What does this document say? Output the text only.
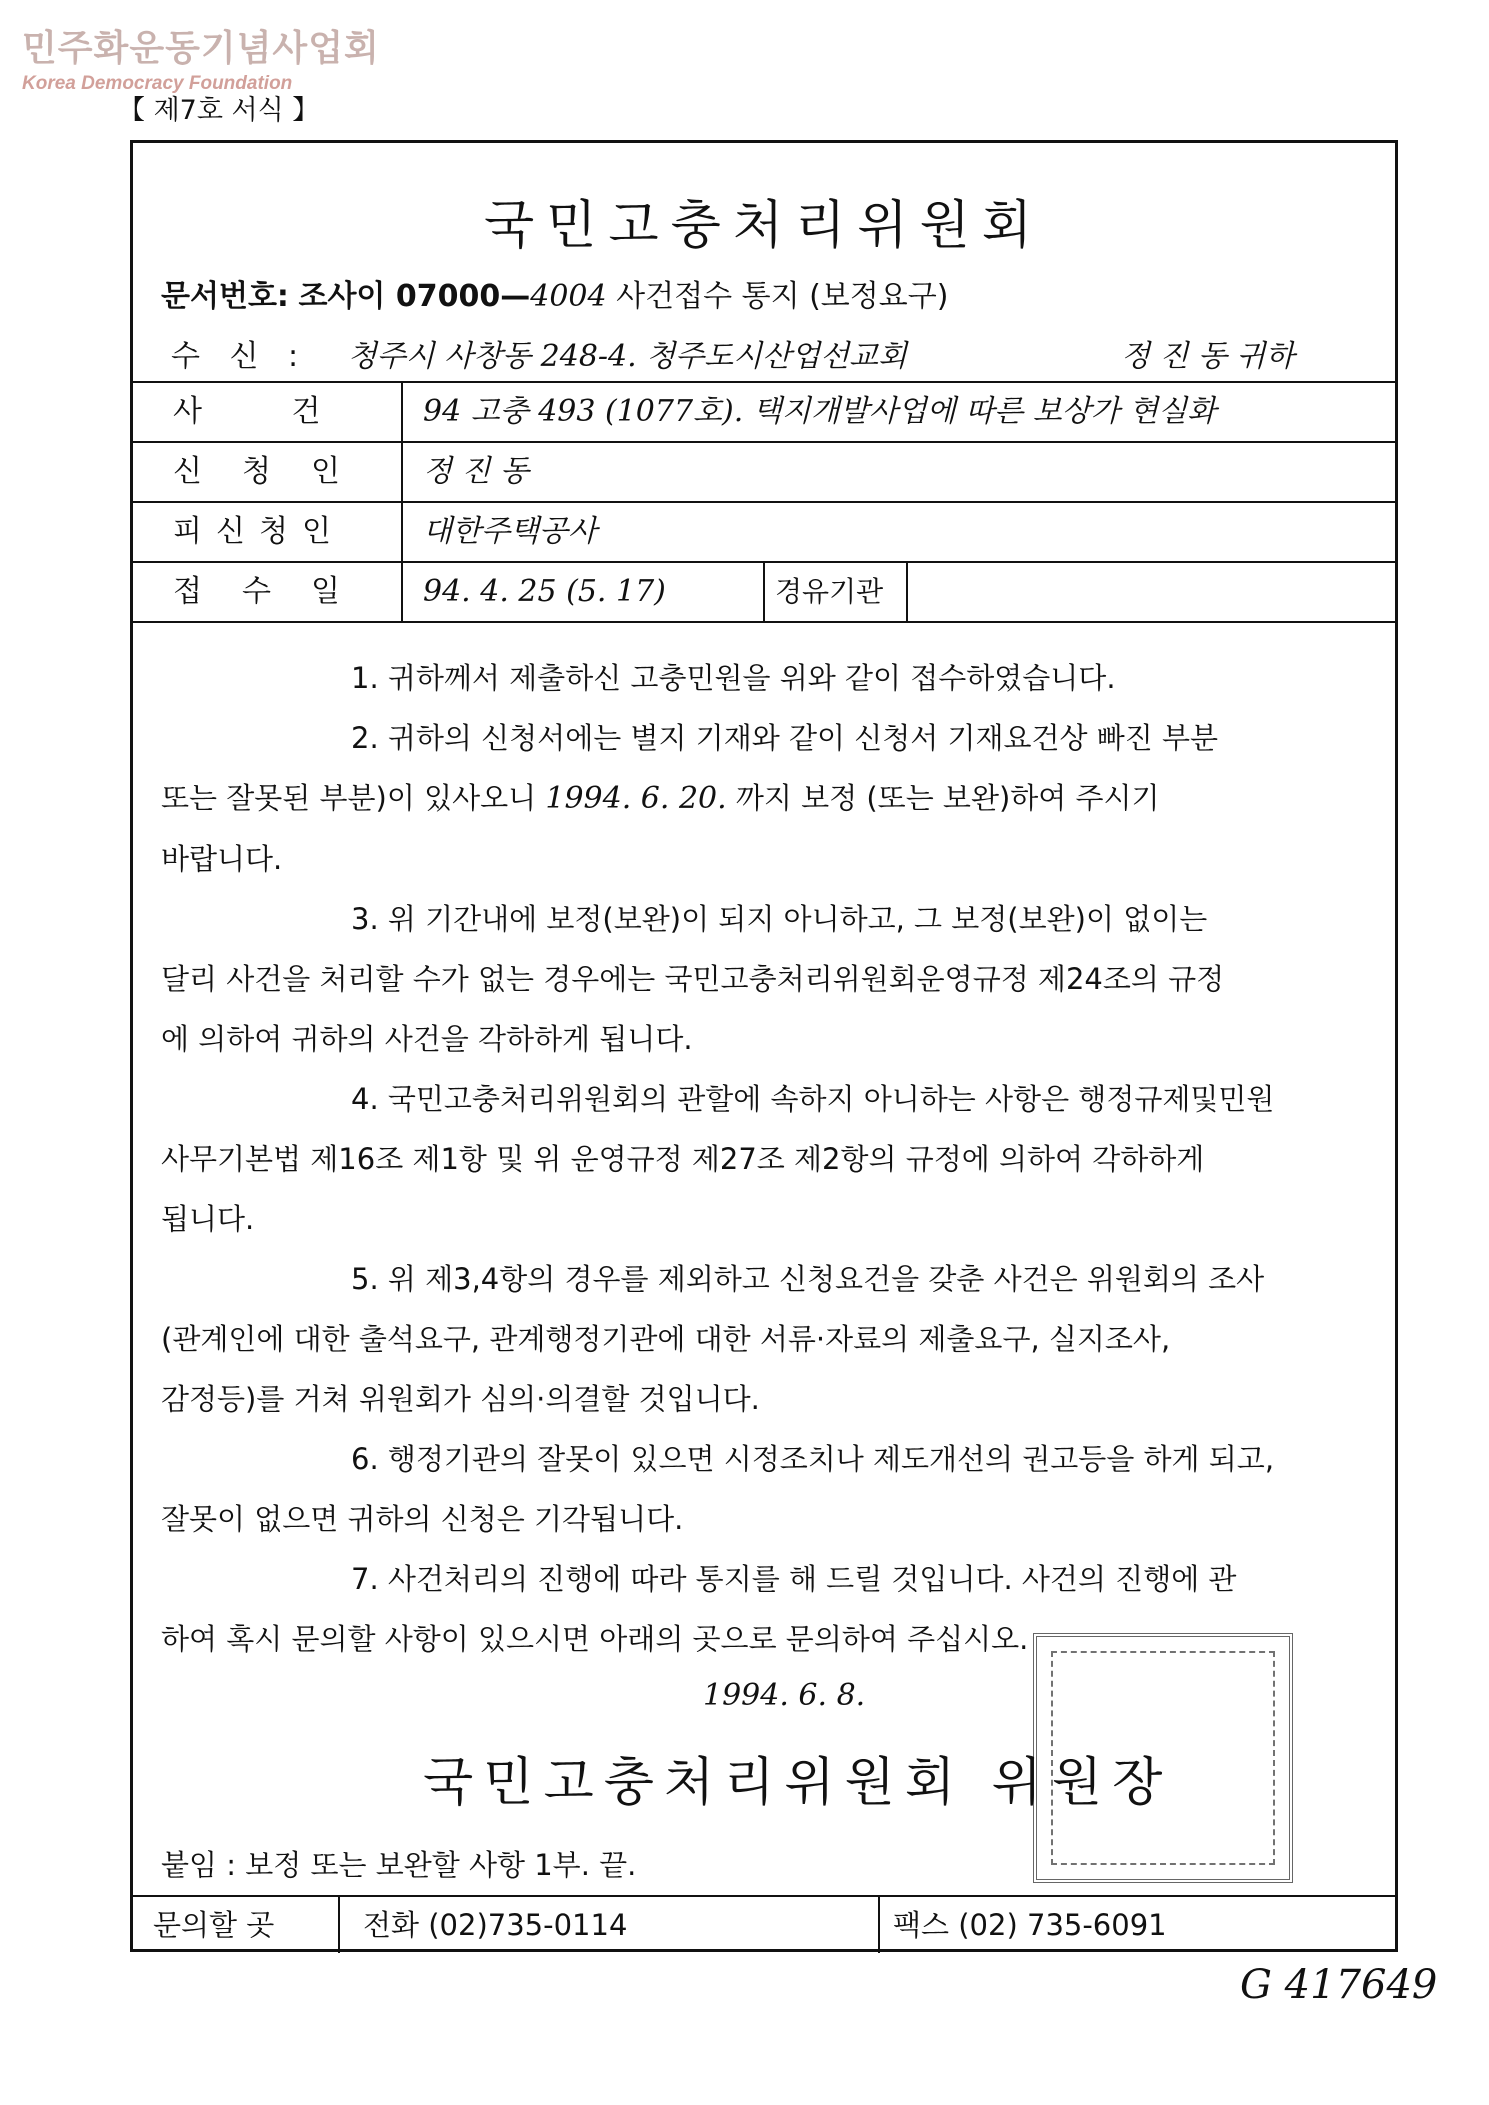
민주화운동기념사업회
Korea Democracy Foundation
【 제7호 서식 】
국민고충처리위원회
문서번호: 조사이 07000—4004 사건접수 통지 (보정요구)
수 신 : 청주시 사창동 248-4. 청주도시산업선교회	정 진 동 귀하
사 건	94 고충 493 (1077호). 택지개발사업에 따른 보상가 현실화
신청인	정 진 동
피신청인	대한주택공사
접수일	94. 4. 25 (5. 17)	경유기관

1. 귀하께서 제출하신 고충민원을 위와 같이 접수하였습니다.

2. 귀하의 신청서에는 별지 기재와 같이 신청서 기재요건상 빠진 부분

또는 잘못된 부분)이 있사오니 1994. 6. 20. 까지 보정 (또는 보완)하여 주시기

바랍니다.

3. 위 기간내에 보정(보완)이 되지 아니하고, 그 보정(보완)이 없이는

달리 사건을 처리할 수가 없는 경우에는 국민고충처리위원회운영규정 제24조의 규정

에 의하여 귀하의 사건을 각하하게 됩니다.

4. 국민고충처리위원회의 관할에 속하지 아니하는 사항은 행정규제및민원

사무기본법 제16조 제1항 및 위 운영규정 제27조 제2항의 규정에 의하여 각하하게

됩니다.

5. 위 제3,4항의 경우를 제외하고 신청요건을 갖춘 사건은 위원회의 조사

(관계인에 대한 출석요구, 관계행정기관에 대한 서류·자료의 제출요구, 실지조사,

감정등)를 거쳐 위원회가 심의·의결할 것입니다.

6. 행정기관의 잘못이 있으면 시정조치나 제도개선의 권고등을 하게 되고,

잘못이 없으면 귀하의 신청은 기각됩니다.

7. 사건처리의 진행에 따라 통지를 해 드릴 것입니다. 사건의 진행에 관

하여 혹시 문의할 사항이 있으시면 아래의 곳으로 문의하여 주십시오.

1994. 6. 8.
국민고충처리위원회 위원장
붙임 : 보정 또는 보완할 사항 1부. 끝.
문의할 곳	전화 (02)735-0114	팩스 (02) 735-6091
G 417649
